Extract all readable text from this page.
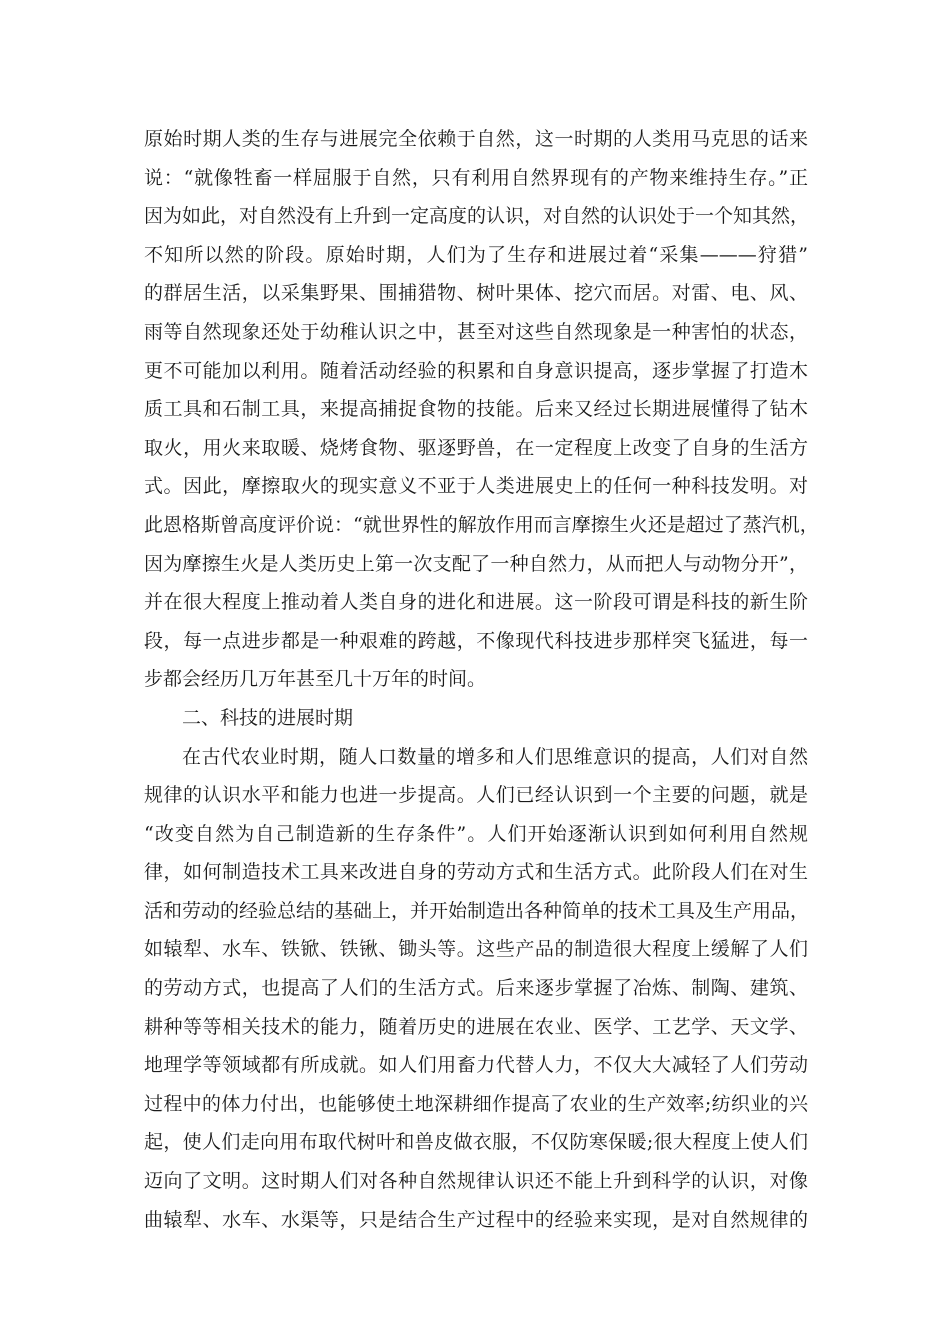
原始时期人类的生存与进展完全依赖于自然，这一时期的人类用马克思的话来
说：“就像牲畜一样屈服于自然，只有利用自然界现有的产物来维持生存。”正
因为如此，对自然没有上升到一定高度的认识，对自然的认识处于一个知其然，
不知所以然的阶段。原始时期，人们为了生存和进展过着“采集———狩猎”
的群居生活，以采集野果、围捕猎物、树叶果体、挖穴而居。对雷、电、风、
雨等自然现象还处于幼稚认识之中，甚至对这些自然现象是一种害怕的状态，
更不可能加以利用。随着活动经验的积累和自身意识提高，逐步掌握了打造木
质工具和石制工具，来提高捕捉食物的技能。后来又经过长期进展懂得了钻木
取火，用火来取暖、烧烤食物、驱逐野兽，在一定程度上改变了自身的生活方
式。因此，摩擦取火的现实意义不亚于人类进展史上的任何一种科技发明。对
此恩格斯曾高度评价说：“就世界性的解放作用而言摩擦生火还是超过了蒸汽机，
因为摩擦生火是人类历史上第一次支配了一种自然力，从而把人与动物分开”，
并在很大程度上推动着人类自身的进化和进展。这一阶段可谓是科技的新生阶
段，每一点进步都是一种艰难的跨越，不像现代科技进步那样突飞猛进，每一
步都会经历几万年甚至几十万年的时间。
二、科技的进展时期
在古代农业时期，随人口数量的增多和人们思维意识的提高，人们对自然
规律的认识水平和能力也进一步提高。人们已经认识到一个主要的问题，就是
“改变自然为自己制造新的生存条件”。人们开始逐渐认识到如何利用自然规
律，如何制造技术工具来改进自身的劳动方式和生活方式。此阶段人们在对生
活和劳动的经验总结的基础上，并开始制造出各种简单的技术工具及生产用品，
如辕犁、水车、铁锨、铁锹、锄头等。这些产品的制造很大程度上缓解了人们
的劳动方式，也提高了人们的生活方式。后来逐步掌握了冶炼、制陶、建筑、
耕种等等相关技术的能力，随着历史的进展在农业、医学、工艺学、天文学、
地理学等领域都有所成就。如人们用畜力代替人力，不仅大大减轻了人们劳动
过程中的体力付出，也能够使土地深耕细作提高了农业的生产效率;纺织业的兴
起，使人们走向用布取代树叶和兽皮做衣服，不仅防寒保暖;很大程度上使人们
迈向了文明。这时期人们对各种自然规律认识还不能上升到科学的认识，对像
曲辕犁、水车、水渠等，只是结合生产过程中的经验来实现，是对自然规律的
